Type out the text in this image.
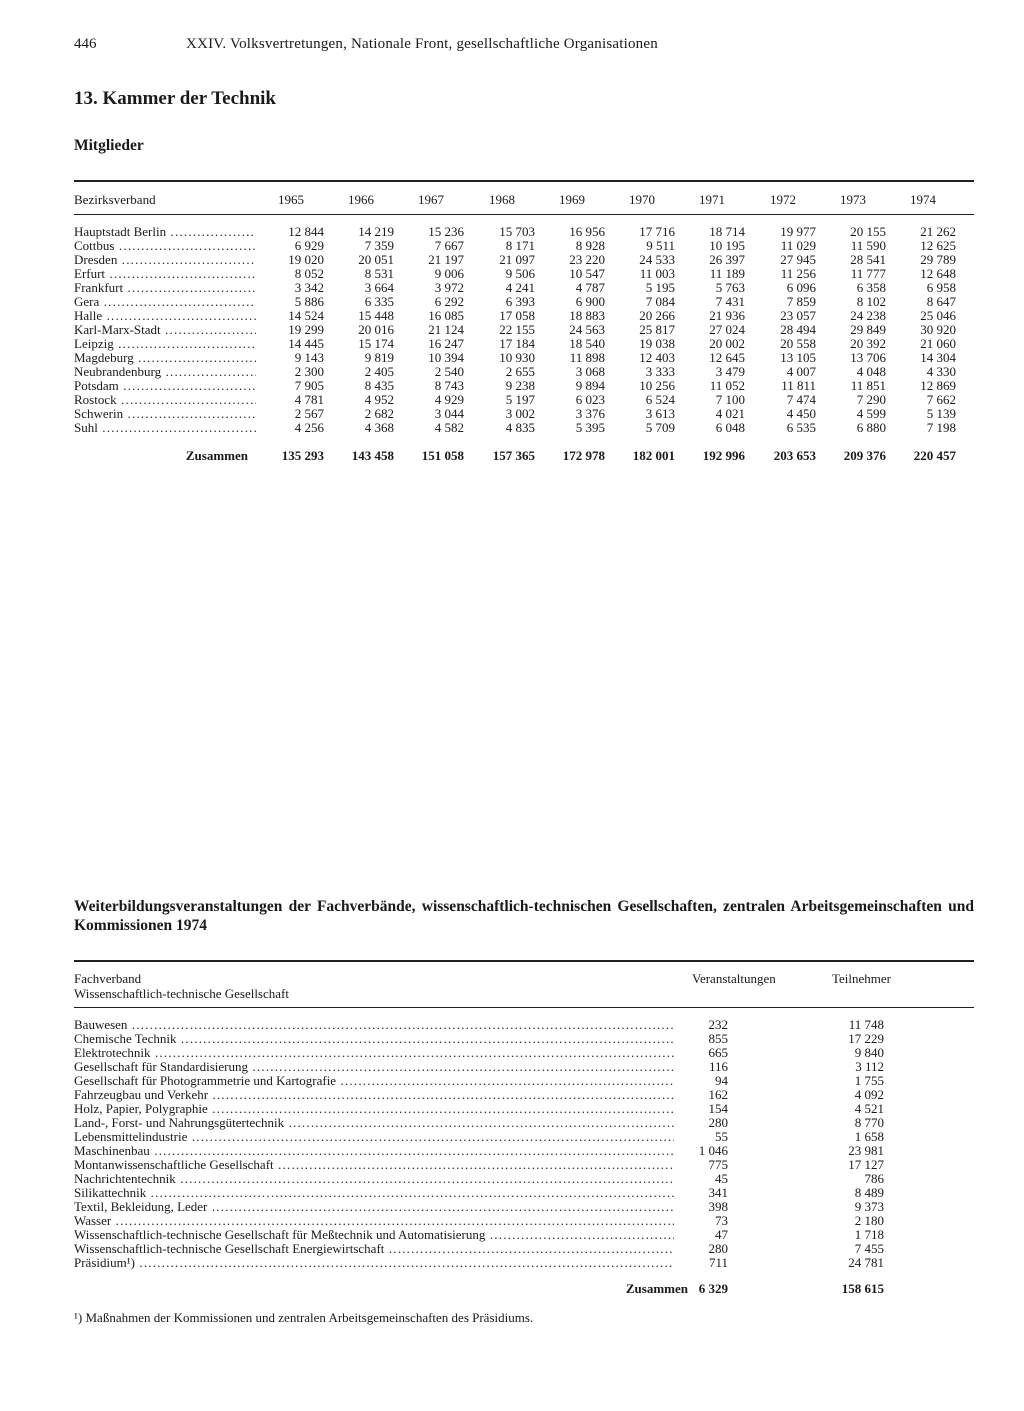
446	XXIV. Volksvertretungen, Nationale Front, gesellschaftliche Organisationen
13. Kammer der Technik
Mitglieder
Bezirksverband	1965	1966	1967	1968	1969	1970	1971	1972	1973	1974
Hauptstadt Berlin .....	12 844	14 219	15 236	15 703	16 956	17 716	18 714	19 977	20 155	21 262
Cottbus .....	6 929	7 359	7 667	8 171	8 928	9 511	10 195	11 029	11 590	12 625
Dresden .....	19 020	20 051	21 197	21 097	23 220	24 533	26 397	27 945	28 541	29 789
Erfurt .....	8 052	8 531	9 006	9 506	10 547	11 003	11 189	11 256	11 777	12 648
Frankfurt .....	3 342	3 664	3 972	4 241	4 787	5 195	5 763	6 096	6 358	6 958
Gera .....	5 886	6 335	6 292	6 393	6 900	7 084	7 431	7 859	8 102	8 647
Halle .....	14 524	15 448	16 085	17 058	18 883	20 266	21 936	23 057	24 238	25 046
Karl-Marx-Stadt .....	19 299	20 016	21 124	22 155	24 563	25 817	27 024	28 494	29 849	30 920
Leipzig .....	14 445	15 174	16 247	17 184	18 540	19 038	20 002	20 558	20 392	21 060
Magdeburg .....	9 143	9 819	10 394	10 930	11 898	12 403	12 645	13 105	13 706	14 304
Neubrandenburg .....	2 300	2 405	2 540	2 655	3 068	3 333	3 479	4 007	4 048	4 330
Potsdam .....	7 905	8 435	8 743	9 238	9 894	10 256	11 052	11 811	11 851	12 869
Rostock .....	4 781	4 952	4 929	5 197	6 023	6 524	7 100	7 474	7 290	7 662
Schwerin .....	2 567	2 682	3 044	3 002	3 376	3 613	4 021	4 450	4 599	5 139
Suhl .....	4 256	4 368	4 582	4 835	5 395	5 709	6 048	6 535	6 880	7 198
Zusammen	135 293	143 458	151 058	157 365	172 978	182 001	192 996	203 653	209 376	220 457
Weiterbildungsveranstaltungen der Fachverbände, wissenschaftlich-technischen Gesellschaften, zentralen Arbeitsgemeinschaften und Kommissionen 1974
Fachverband
Wissenschaftlich-technische Gesellschaft
Veranstaltungen	Teilnehmer
Bauwesen .....	232	11 748
Chemische Technik .....	855	17 229
Elektrotechnik .....	665	9 840
Gesellschaft für Standardisierung .....	116	3 112
Gesellschaft für Photogrammetrie und Kartografie .....	94	1 755
Fahrzeugbau und Verkehr .....	162	4 092
Holz, Papier, Polygraphie .....	154	4 521
Land-, Forst- und Nahrungsgütertechnik .....	280	8 770
Lebensmittelindustrie .....	55	1 658
Maschinenbau .....	1 046	23 981
Montanwissenschaftliche Gesellschaft .....	775	17 127
Nachrichtentechnik .....	45	786
Silikattechnik .....	341	8 489
Textil, Bekleidung, Leder .....	398	9 373
Wasser .....	73	2 180
Wissenschaftlich-technische Gesellschaft für Meßtechnik und Automatisierung .....	47	1 718
Wissenschaftlich-technische Gesellschaft Energiewirtschaft .....	280	7 455
Präsidium¹) .....	711	24 781
Zusammen 6 329	158 615
¹) Maßnahmen der Kommissionen und zentralen Arbeitsgemeinschaften des Präsidiums.
